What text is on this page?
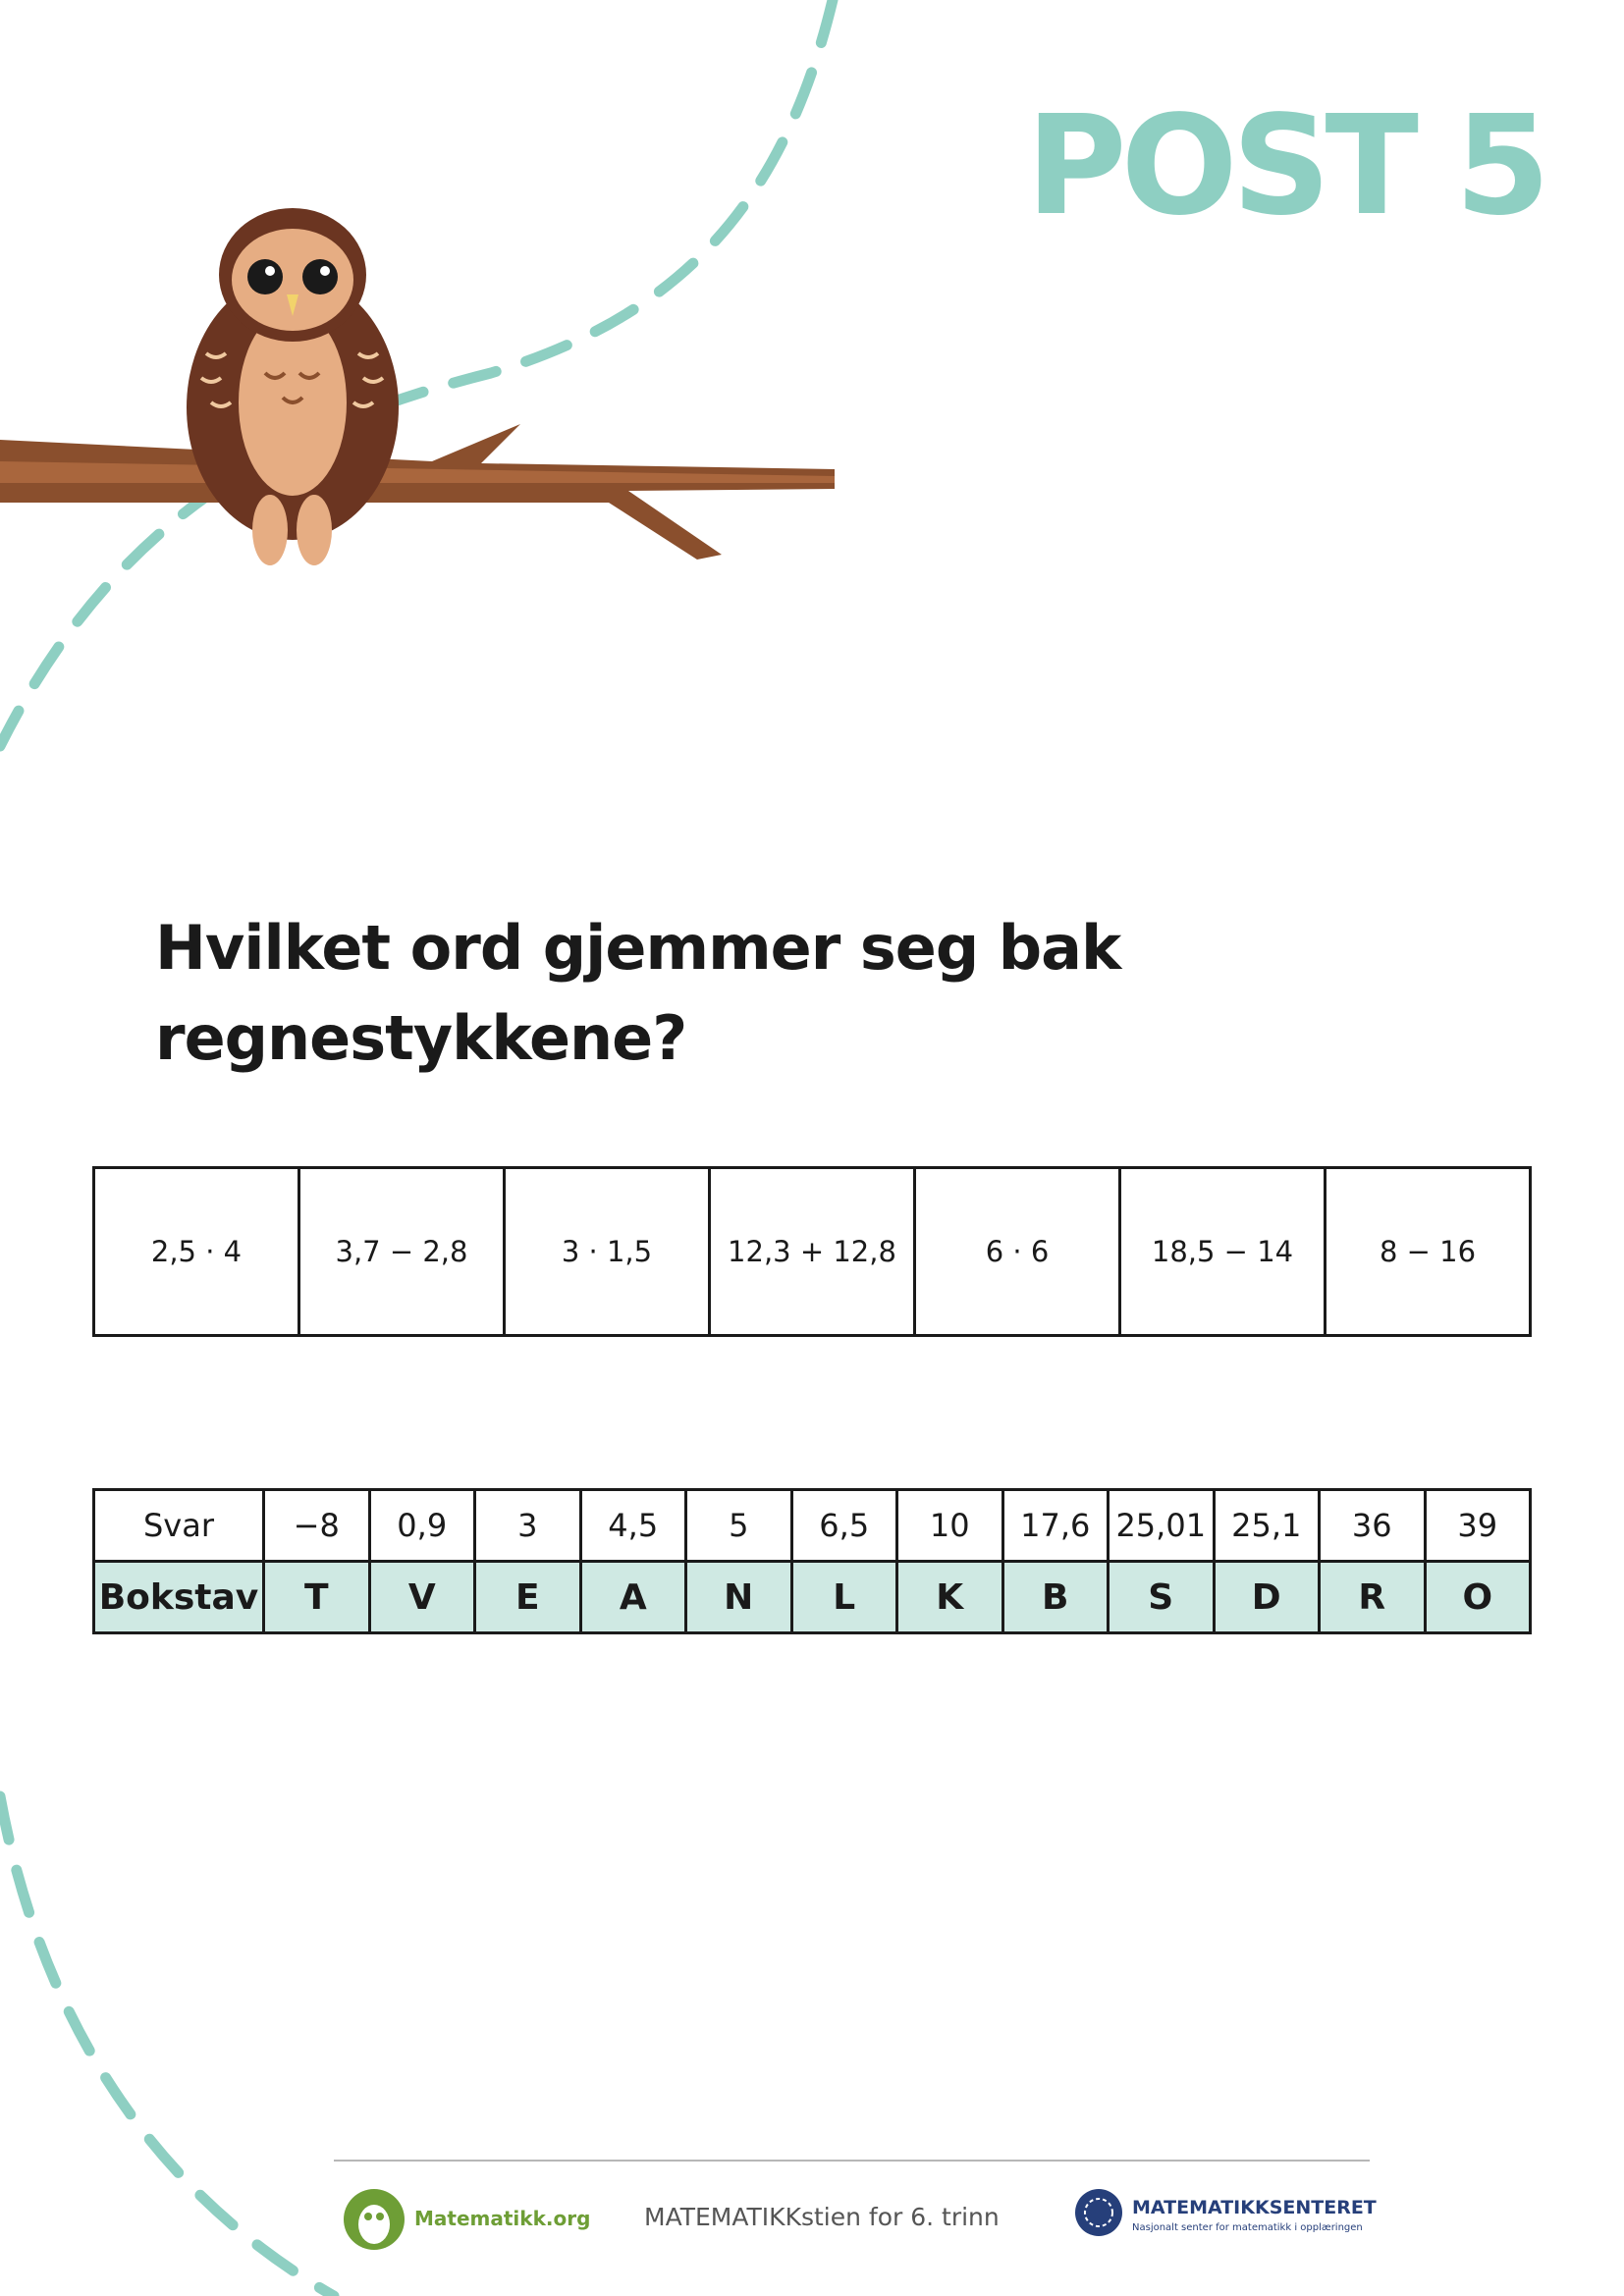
POST 5

Hvilket ord gjemmer seg bak regnestykkene?

2,5 · 4	3,7 − 2,8	3 · 1,5	12,3 + 12,8	6 · 6	18,5 − 14	8 − 16
Svar	−8	0,9	3	4,5	5	6,5	10	17,6	25,01	25,1	36	39
Bokstav	T	V	E	A	N	L	K	B	S	D	R	O
Matematikk.org MATEMATIKKstien for 6. trinn	MATEMATIKKSENTERET
Nasjonalt senter for matematikk i opplæringen
